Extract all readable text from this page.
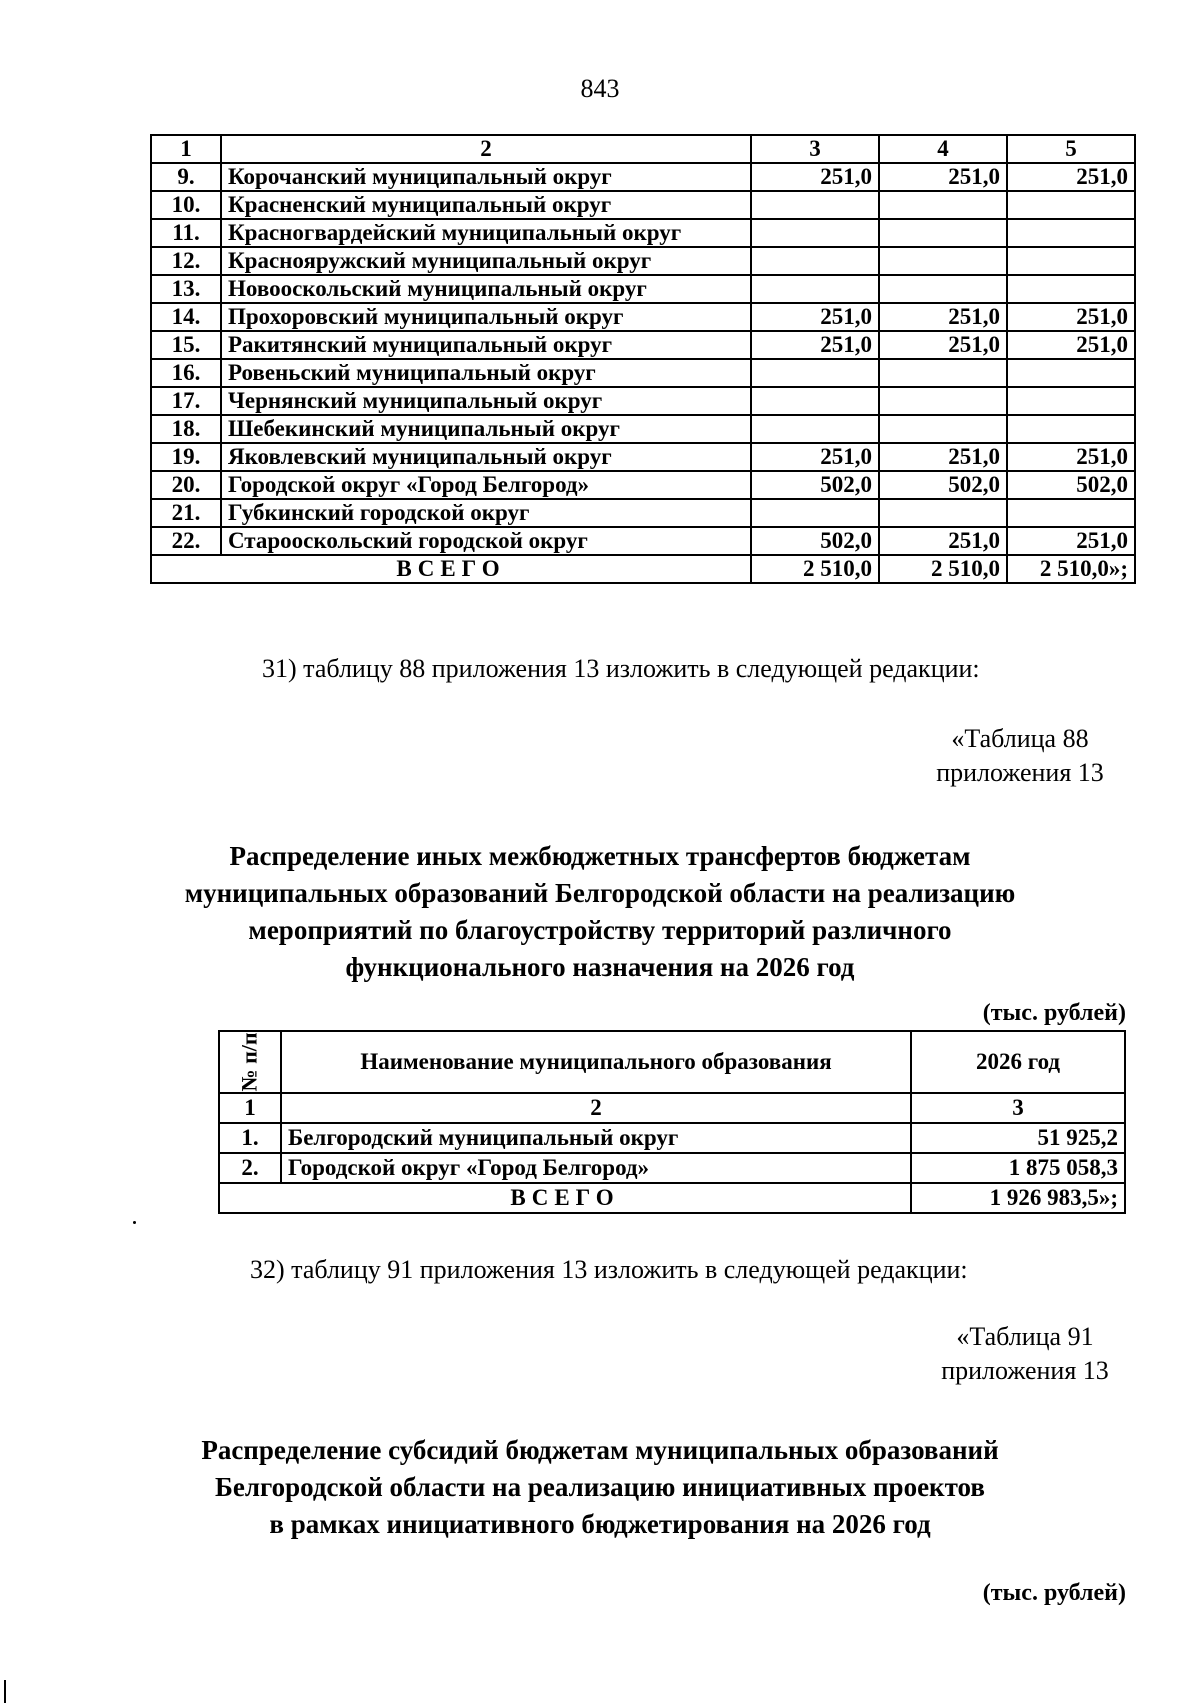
843
1	2	3	4	5
9.	Корочанский муниципальный округ	251,0	251,0	251,0
10.	Красненский муниципальный округ			
11.	Красногвардейский муниципальный округ			
12.	Краснояружский муниципальный округ			
13.	Новооскольский муниципальный округ			
14.	Прохоровский муниципальный округ	251,0	251,0	251,0
15.	Ракитянский муниципальный округ	251,0	251,0	251,0
16.	Ровеньский муниципальный округ			
17.	Чернянский муниципальный округ			
18.	Шебекинский муниципальный округ			
19.	Яковлевский муниципальный округ	251,0	251,0	251,0
20.	Городской округ «Город Белгород»	502,0	502,0	502,0
21.	Губкинский городской округ			
22.	Старооскольский городской округ	502,0	251,0	251,0
ВСЕГО		2 510,0	2 510,0	2 510,0»;
31) таблицу 88 приложения 13 изложить в следующей редакции:
«Таблица 88
приложения 13
Распределение иных межбюджетных трансфертов бюджетам
муниципальных образований Белгородской области на реализацию
мероприятий по благоустройству территорий различного
функционального назначения на 2026 год
(тыс. рублей)
№ п/п	Наименование муниципального образования	2026 год
1	2	3
1.	Белгородский муниципальный округ	51 925,2
2.	Городской округ «Город Белгород»	1 875 058,3
ВСЕГО		1 926 983,5»;
32) таблицу 91 приложения 13 изложить в следующей редакции:
«Таблица 91
приложения 13
Распределение субсидий бюджетам муниципальных образований
Белгородской области на реализацию инициативных проектов
в рамках инициативного бюджетирования на 2026 год
(тыс. рублей)
